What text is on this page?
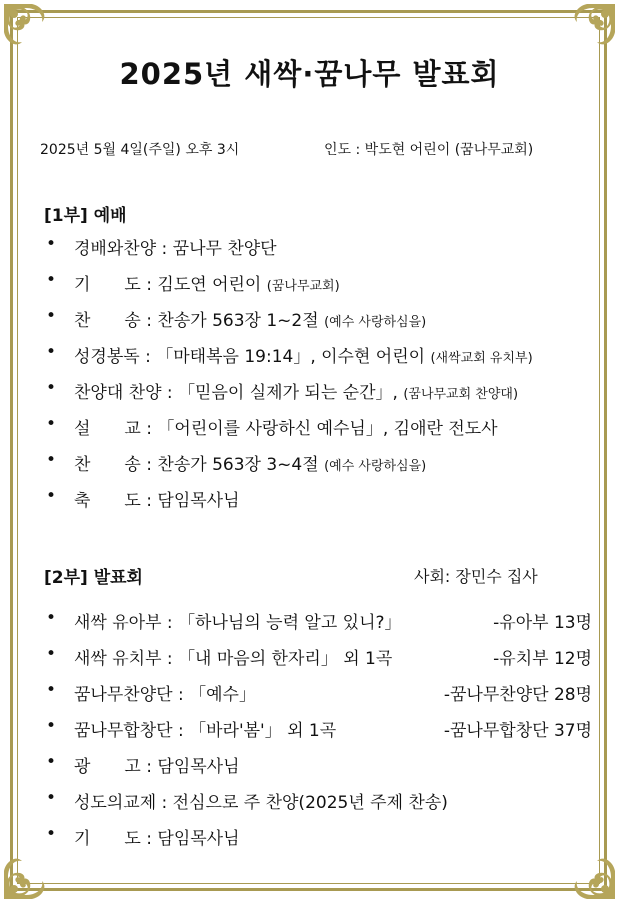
2025년 새싹·꿈나무 발표회
2025년 5월 4일(주일) 오후 3시	인도 : 박도현 어린이 (꿈나무교회)
[1부] 예배
• 경배와찬양 : 꿈나무 찬양단
• 기　　도 : 김도연 어린이 (꿈나무교회)
• 찬　　송 : 찬송가 563장 1~2절 (예수 사랑하심을)
• 성경봉독 : 「마태복음 19:14」, 이수현 어린이 (새싹교회 유치부)
• 찬양대 찬양 : 「믿음이 실제가 되는 순간」, (꿈나무교회 찬양대)
• 설　　교 : 「어린이를 사랑하신 예수님」, 김애란 전도사
• 찬　　송 : 찬송가 563장 3~4절 (예수 사랑하심을)
• 축　　도 : 담임목사님
[2부] 발표회	사회: 장민수 집사
• 새싹 유아부 : 「하나님의 능력 알고 있니?」	-유아부 13명
• 새싹 유치부 : 「내 마음의 한자리」 외 1곡	-유치부 12명
• 꿈나무찬양단 : 「예수」	-꿈나무찬양단 28명
• 꿈나무합창단 : 「바라'봄'」 외 1곡	-꿈나무합창단 37명
• 광　　고 : 담임목사님
• 성도의교제 : 전심으로 주 찬양(2025년 주제 찬송)
• 기　　도 : 담임목사님
